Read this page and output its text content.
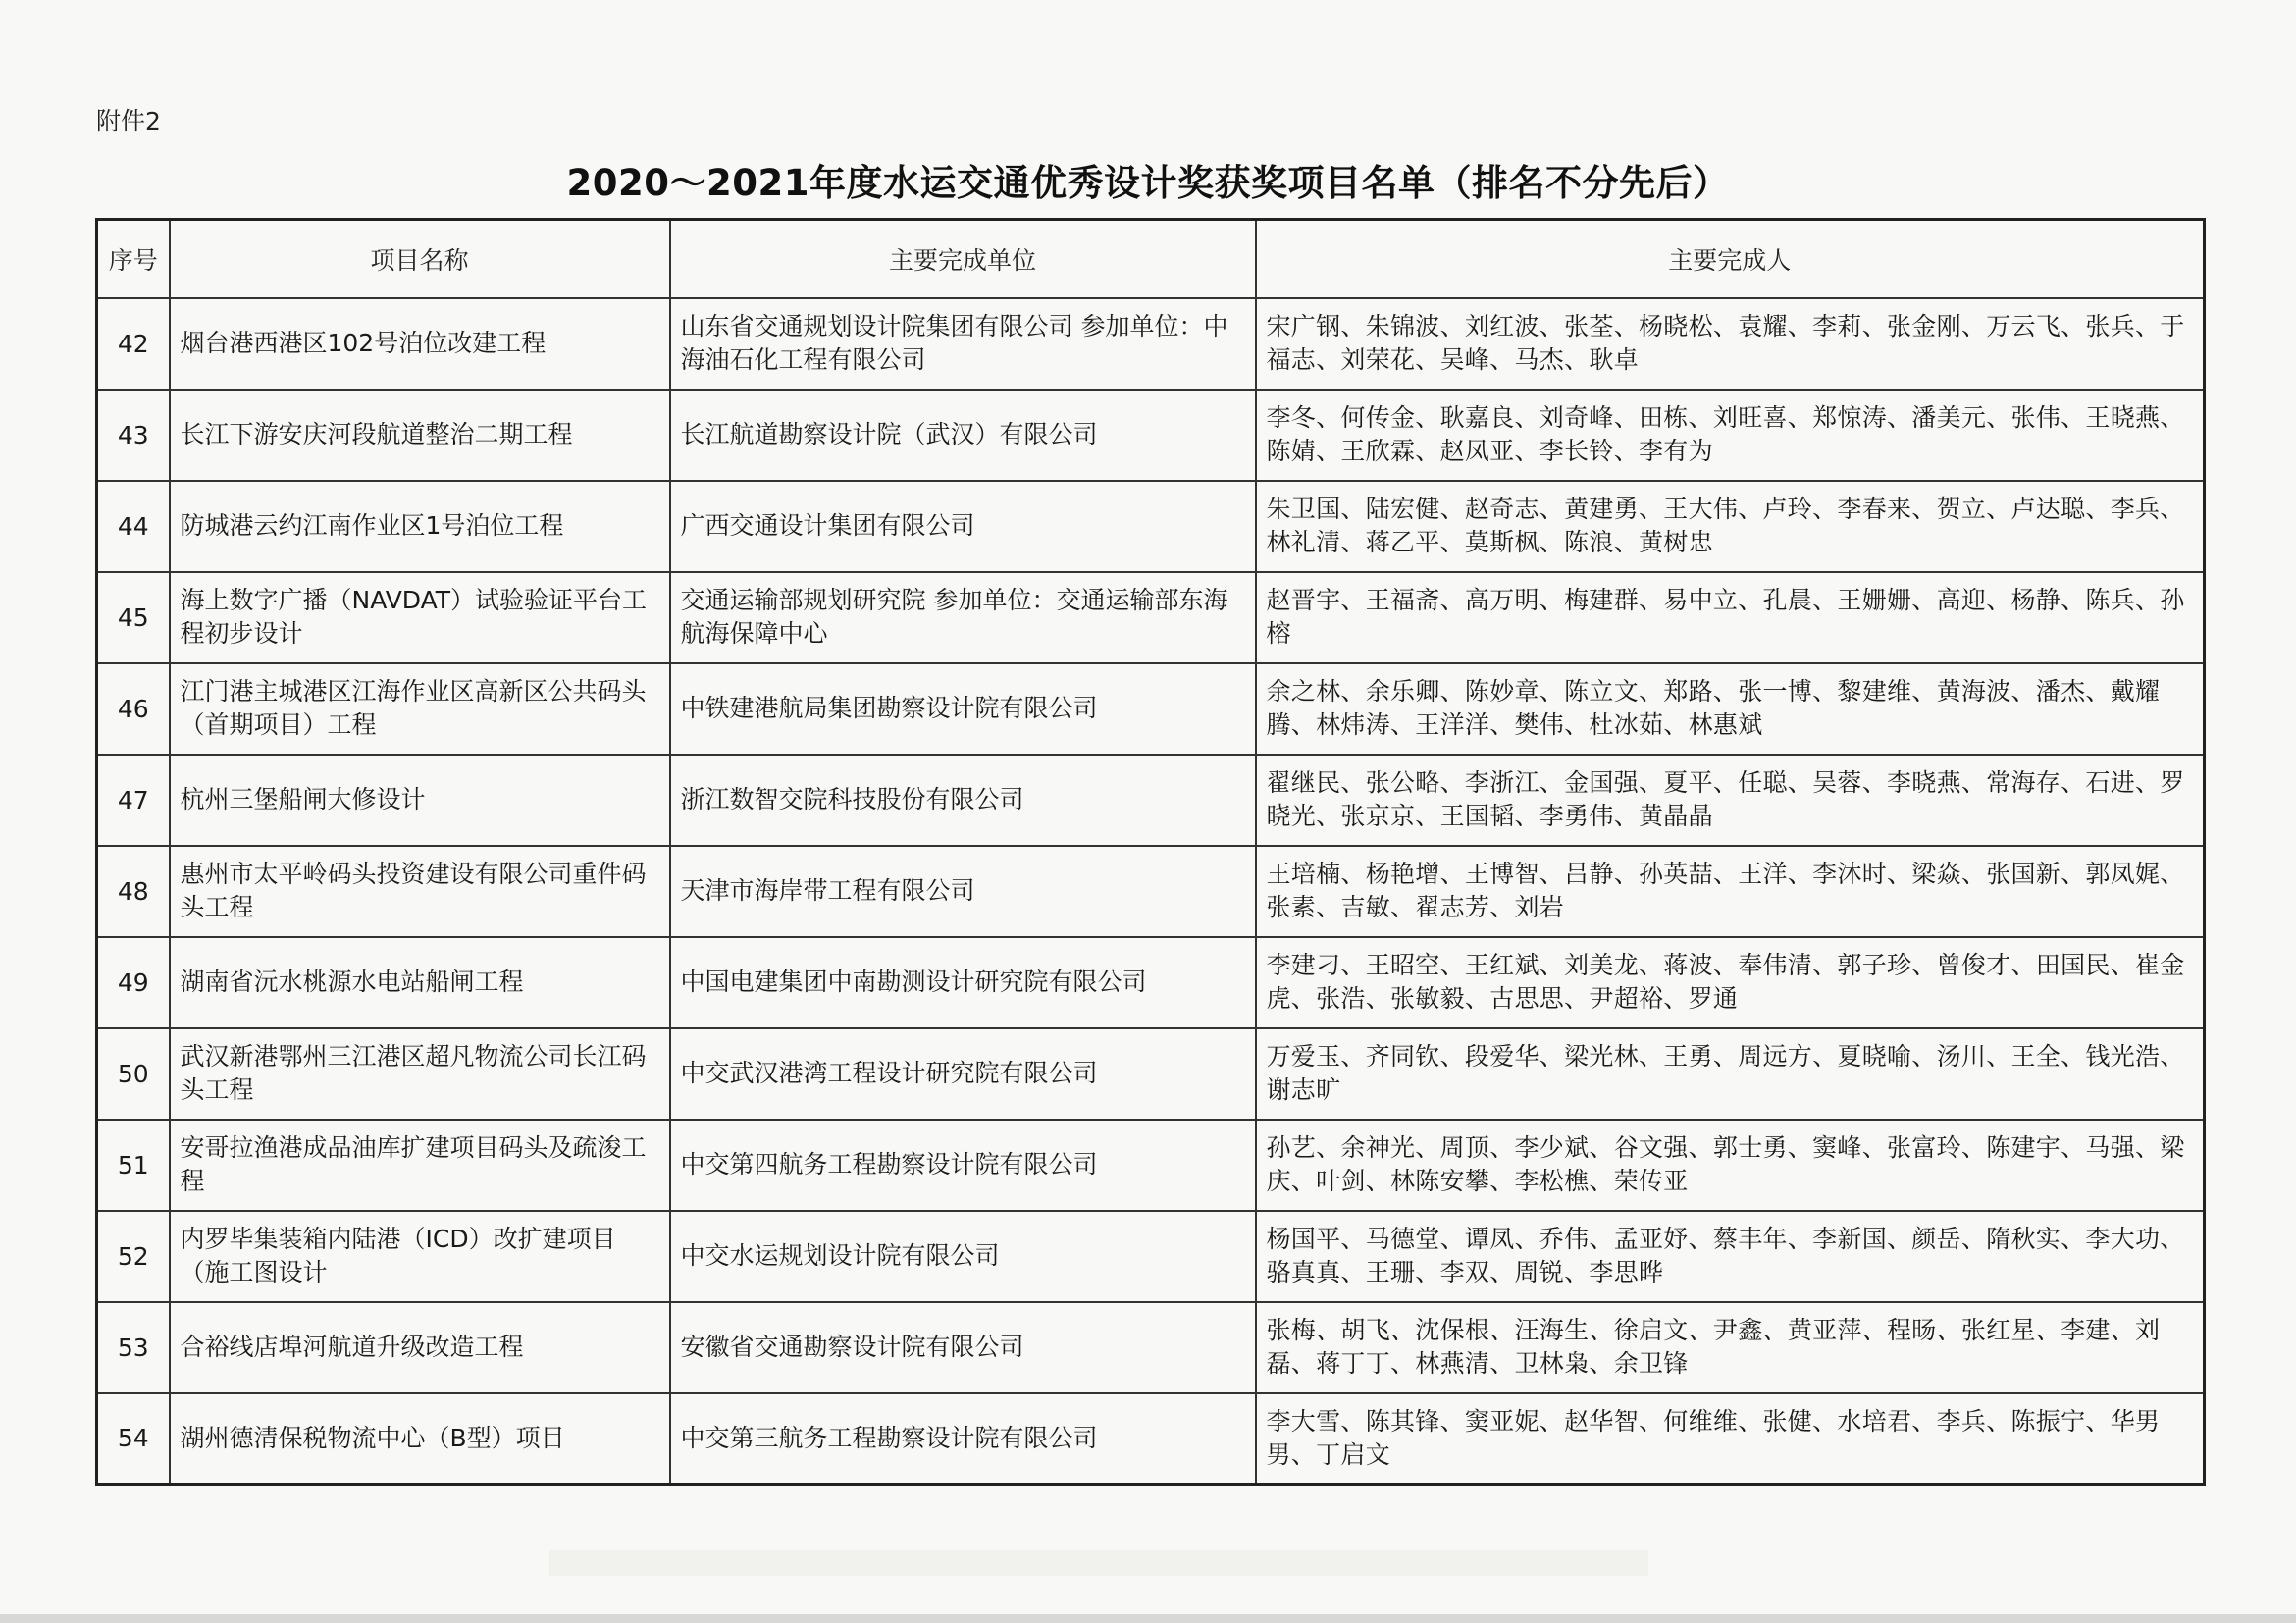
附件2
2020～2021年度水运交通优秀设计奖获奖项目名单（排名不分先后）
序号	项目名称	主要完成单位	主要完成人
42	烟台港西港区102号泊位改建工程	山东省交通规划设计院集团有限公司 参加单位：中海油石化工程有限公司	宋广钢、朱锦波、刘红波、张荃、杨晓松、袁耀、李莉、张金刚、万云飞、张兵、于福志、刘荣花、吴峰、马杰、耿卓
43	长江下游安庆河段航道整治二期工程	长江航道勘察设计院（武汉）有限公司	李冬、何传金、耿嘉良、刘奇峰、田栋、刘旺喜、郑惊涛、潘美元、张伟、王晓燕、陈婧、王欣霖、赵凤亚、李长铃、李有为
44	防城港云约江南作业区1号泊位工程	广西交通设计集团有限公司	朱卫国、陆宏健、赵奇志、黄建勇、王大伟、卢玲、李春来、贺立、卢达聪、李兵、林礼清、蒋乙平、莫斯枫、陈浪、黄树忠
45	海上数字广播（NAVDAT）试验验证平台工程初步设计	交通运输部规划研究院 参加单位：交通运输部东海航海保障中心	赵晋宇、王福斋、高万明、梅建群、易中立、孔晨、王姗姗、高迎、杨静、陈兵、孙榕
46	江门港主城港区江海作业区高新区公共码头（首期项目）工程	中铁建港航局集团勘察设计院有限公司	余之林、余乐卿、陈妙章、陈立文、郑路、张一博、黎建维、黄海波、潘杰、戴耀腾、林炜涛、王洋洋、樊伟、杜冰茹、林惠斌
47	杭州三堡船闸大修设计	浙江数智交院科技股份有限公司	翟继民、张公略、李浙江、金国强、夏平、任聪、吴蓉、李晓燕、常海存、石进、罗晓光、张京京、王国韬、李勇伟、黄晶晶
48	惠州市太平岭码头投资建设有限公司重件码头工程	天津市海岸带工程有限公司	王培楠、杨艳增、王博智、吕静、孙英喆、王洋、李沐时、梁焱、张国新、郭凤娓、张素、吉敏、翟志芳、刘岩
49	湖南省沅水桃源水电站船闸工程	中国电建集团中南勘测设计研究院有限公司	李建刁、王昭空、王红斌、刘美龙、蒋波、奉伟清、郭子珍、曾俊才、田国民、崔金虎、张浩、张敏毅、古思思、尹超裕、罗通
50	武汉新港鄂州三江港区超凡物流公司长江码头工程	中交武汉港湾工程设计研究院有限公司	万爱玉、齐同钦、段爱华、梁光林、王勇、周远方、夏晓喻、汤川、王全、钱光浩、谢志旷
51	安哥拉渔港成品油库扩建项目码头及疏浚工程	中交第四航务工程勘察设计院有限公司	孙艺、余神光、周顶、李少斌、谷文强、郭士勇、窦峰、张富玲、陈建宇、马强、梁庆、叶剑、林陈安攀、李松樵、荣传亚
52	内罗毕集装箱内陆港（ICD）改扩建项目（施工图设计	中交水运规划设计院有限公司	杨国平、马德堂、谭凤、乔伟、孟亚妤、蔡丰年、李新国、颜岳、隋秋实、李大功、骆真真、王珊、李双、周锐、李思晔
53	合裕线店埠河航道升级改造工程	安徽省交通勘察设计院有限公司	张梅、胡飞、沈保根、汪海生、徐启文、尹鑫、黄亚萍、程旸、张红星、李建、刘磊、蒋丁丁、林燕清、卫林枭、余卫锋
54	湖州德清保税物流中心（B型）项目	中交第三航务工程勘察设计院有限公司	李大雪、陈其锋、窦亚妮、赵华智、何维维、张健、水培君、李兵、陈振宁、华男男、丁启文
